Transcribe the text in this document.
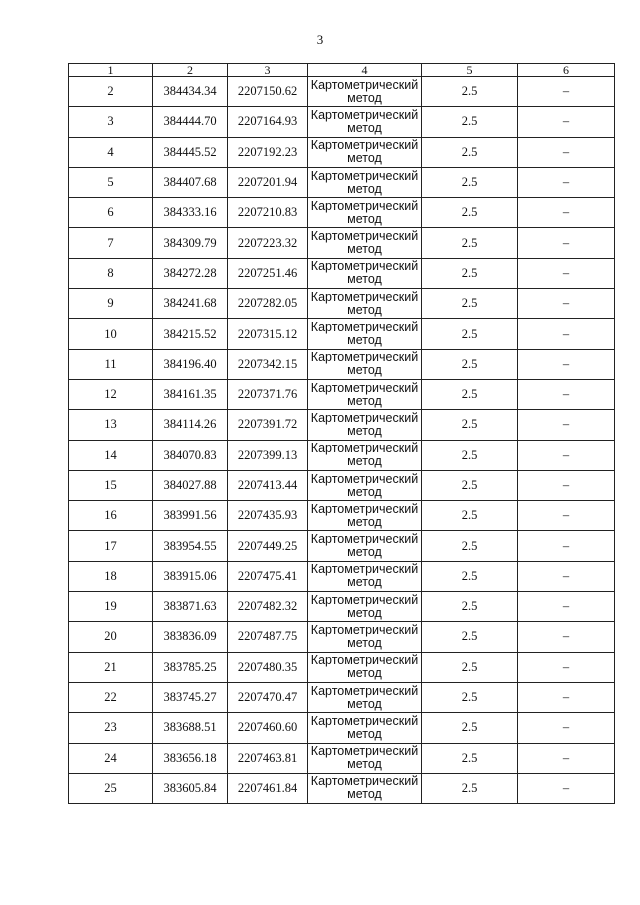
3
1	2	3	4	5	6
2	384434.34	2207150.62	Картометрический
метод	2.5	–
3	384444.70	2207164.93	Картометрический
метод	2.5	–
4	384445.52	2207192.23	Картометрический
метод	2.5	–
5	384407.68	2207201.94	Картометрический
метод	2.5	–
6	384333.16	2207210.83	Картометрический
метод	2.5	–
7	384309.79	2207223.32	Картометрический
метод	2.5	–
8	384272.28	2207251.46	Картометрический
метод	2.5	–
9	384241.68	2207282.05	Картометрический
метод	2.5	–
10	384215.52	2207315.12	Картометрический
метод	2.5	–
11	384196.40	2207342.15	Картометрический
метод	2.5	–
12	384161.35	2207371.76	Картометрический
метод	2.5	–
13	384114.26	2207391.72	Картометрический
метод	2.5	–
14	384070.83	2207399.13	Картометрический
метод	2.5	–
15	384027.88	2207413.44	Картометрический
метод	2.5	–
16	383991.56	2207435.93	Картометрический
метод	2.5	–
17	383954.55	2207449.25	Картометрический
метод	2.5	–
18	383915.06	2207475.41	Картометрический
метод	2.5	–
19	383871.63	2207482.32	Картометрический
метод	2.5	–
20	383836.09	2207487.75	Картометрический
метод	2.5	–
21	383785.25	2207480.35	Картометрический
метод	2.5	–
22	383745.27	2207470.47	Картометрический
метод	2.5	–
23	383688.51	2207460.60	Картометрический
метод	2.5	–
24	383656.18	2207463.81	Картометрический
метод	2.5	–
25	383605.84	2207461.84	Картометрический
метод	2.5	–
